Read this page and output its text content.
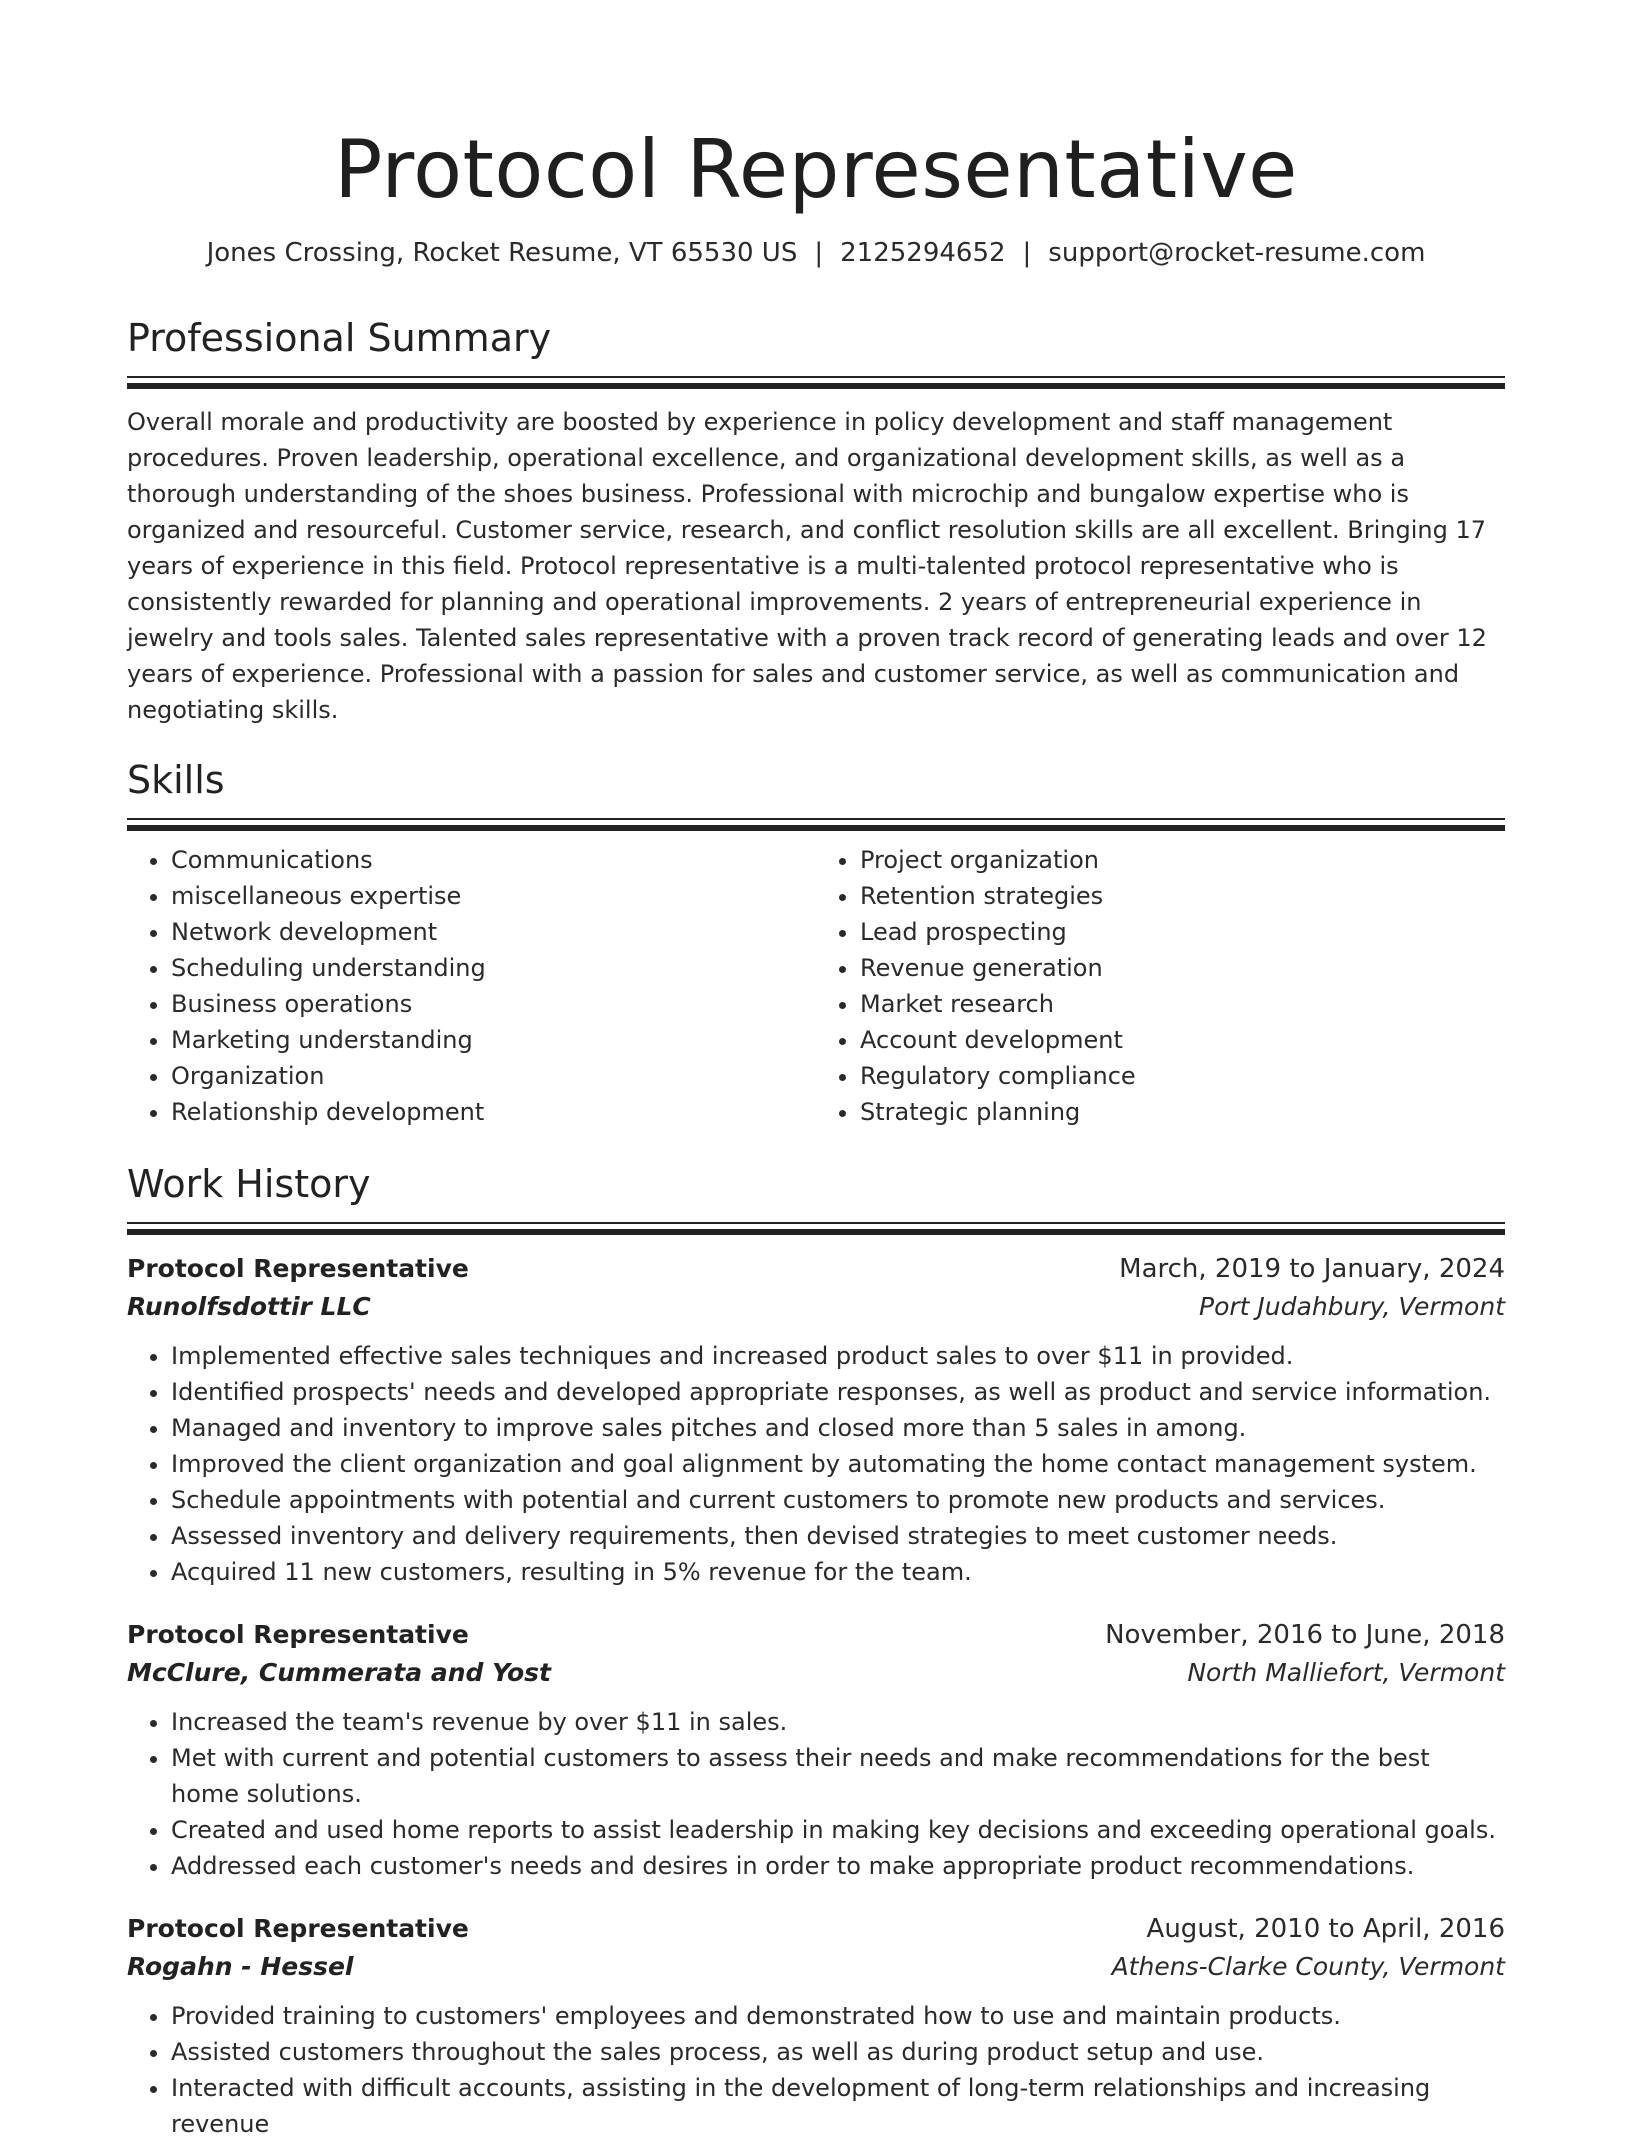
Protocol Representative
Jones Crossing, Rocket Resume, VT 65530 US | 2125294652 | support@rocket-resume.com
Professional Summary

Overall morale and productivity are boosted by experience in policy development and staff management procedures. Proven leadership, operational excellence, and organizational development skills, as well as a thorough understanding of the shoes business. Professional with microchip and bungalow expertise who is organized and resourceful. Customer service, research, and conflict resolution skills are all excellent. Bringing 17 years of experience in this field. Protocol representative is a multi-talented protocol representative who is consistently rewarded for planning and operational improvements. 2 years of entrepreneurial experience in jewelry and tools sales. Talented sales representative with a proven track record of generating leads and over 12 years of experience. Professional with a passion for sales and customer service, as well as communication and negotiating skills.

Skills
• Communications
• miscellaneous expertise
• Network development
• Scheduling understanding
• Business operations
• Marketing understanding
• Organization
• Relationship development
• Project organization
• Retention strategies
• Lead prospecting
• Revenue generation
• Market research
• Account development
• Regulatory compliance
• Strategic planning
Work History
Protocol Representative	March, 2019 to January, 2024
Runolfsdottir LLC	Port Judahbury, Vermont
• Implemented effective sales techniques and increased product sales to over $11 in provided.
• Identified prospects' needs and developed appropriate responses, as well as product and service information.
• Managed and inventory to improve sales pitches and closed more than 5 sales in among.
• Improved the client organization and goal alignment by automating the home contact management system.
• Schedule appointments with potential and current customers to promote new products and services.
• Assessed inventory and delivery requirements, then devised strategies to meet customer needs.
• Acquired 11 new customers, resulting in 5% revenue for the team.
Protocol Representative	November, 2016 to June, 2018
McClure, Cummerata and Yost	North Malliefort, Vermont
• Increased the team's revenue by over $11 in sales.
• Met with current and potential customers to assess their needs and make recommendations for the best home solutions.
• Created and used home reports to assist leadership in making key decisions and exceeding operational goals.
• Addressed each customer's needs and desires in order to make appropriate product recommendations.
Protocol Representative	August, 2010 to April, 2016
Rogahn - Hessel	Athens-Clarke County, Vermont
• Provided training to customers' employees and demonstrated how to use and maintain products.
• Assisted customers throughout the sales process, as well as during product setup and use.
• Interacted with difficult accounts, assisting in the development of long-term relationships and increasing revenue
